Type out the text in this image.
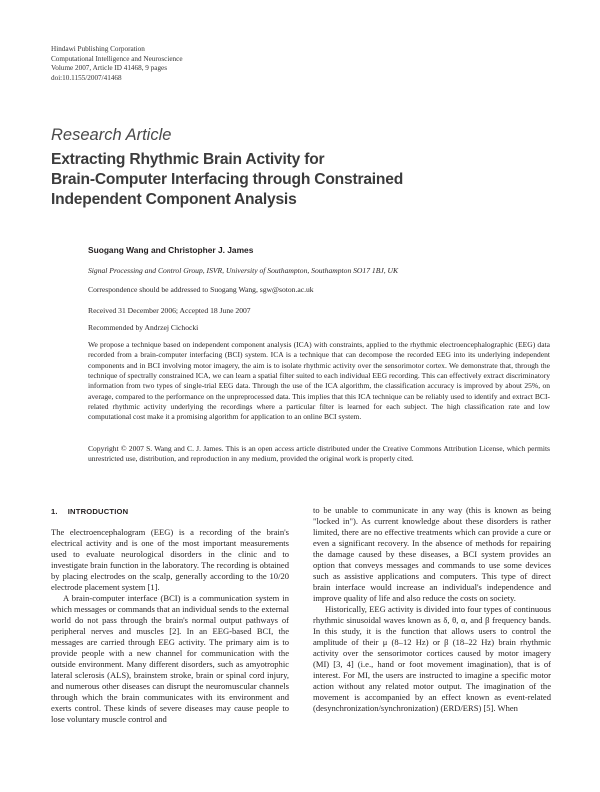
Hindawi Publishing Corporation
Computational Intelligence and Neuroscience
Volume 2007, Article ID 41468, 9 pages
doi:10.1155/2007/41468
Research Article
Extracting Rhythmic Brain Activity for
Brain-Computer Interfacing through Constrained
Independent Component Analysis
Suogang Wang and Christopher J. James
Signal Processing and Control Group, ISVR, University of Southampton, Southampton SO17 1BJ, UK
Correspondence should be addressed to Suogang Wang, sgw@soton.ac.uk
Received 31 December 2006; Accepted 18 June 2007
Recommended by Andrzej Cichocki
We propose a technique based on independent component analysis (ICA) with constraints, applied to the rhythmic electroencephalographic (EEG) data recorded from a brain-computer interfacing (BCI) system. ICA is a technique that can decompose the recorded EEG into its underlying independent components and in BCI involving motor imagery, the aim is to isolate rhythmic activity over the sensorimotor cortex. We demonstrate that, through the technique of spectrally constrained ICA, we can learn a spatial filter suited to each individual EEG recording. This can effectively extract discriminatory information from two types of single-trial EEG data. Through the use of the ICA algorithm, the classification accuracy is improved by about 25%, on average, compared to the performance on the unpreprocessed data. This implies that this ICA technique can be reliably used to identify and extract BCI-related rhythmic activity underlying the recordings where a particular filter is learned for each subject. The high classification rate and low computational cost make it a promising algorithm for application to an online BCI system.
Copyright © 2007 S. Wang and C. J. James. This is an open access article distributed under the Creative Commons Attribution License, which permits unrestricted use, distribution, and reproduction in any medium, provided the original work is properly cited.
1. INTRODUCTION

The electroencephalogram (EEG) is a recording of the brain's electrical activity and is one of the most important measurements used to evaluate neurological disorders in the clinic and to investigate brain function in the laboratory. The recording is obtained by placing electrodes on the scalp, generally according to the 10/20 electrode placement system [1].

A brain-computer interface (BCI) is a communication system in which messages or commands that an individual sends to the external world do not pass through the brain's normal output pathways of peripheral nerves and muscles [2]. In an EEG-based BCI, the messages are carried through EEG activity. The primary aim is to provide people with a new channel for communication with the outside environment. Many different disorders, such as amyotrophic lateral sclerosis (ALS), brainstem stroke, brain or spinal cord injury, and numerous other diseases can disrupt the neuromuscular channels through which the brain communicates with its environment and exerts control. These kinds of severe diseases may cause people to lose voluntary muscle control and

to be unable to communicate in any way (this is known as being "locked in"). As current knowledge about these disorders is rather limited, there are no effective treatments which can provide a cure or even a significant recovery. In the absence of methods for repairing the damage caused by these diseases, a BCI system provides an option that conveys messages and commands to use some devices such as assistive applications and computers. This type of direct brain interface would increase an individual's independence and improve quality of life and also reduce the costs on society.

Historically, EEG activity is divided into four types of continuous rhythmic sinusoidal waves known as δ, θ, α, and β frequency bands. In this study, it is the function that allows users to control the amplitude of their μ (8–12 Hz) or β (18–22 Hz) brain rhythmic activity over the sensorimotor cortices caused by motor imagery (MI) [3, 4] (i.e., hand or foot movement imagination), that is of interest. For MI, the users are instructed to imagine a specific motor action without any related motor output. The imagination of the movement is accompanied by an effect known as event-related (desynchronization/synchronization) (ERD/ERS) [5]. When
